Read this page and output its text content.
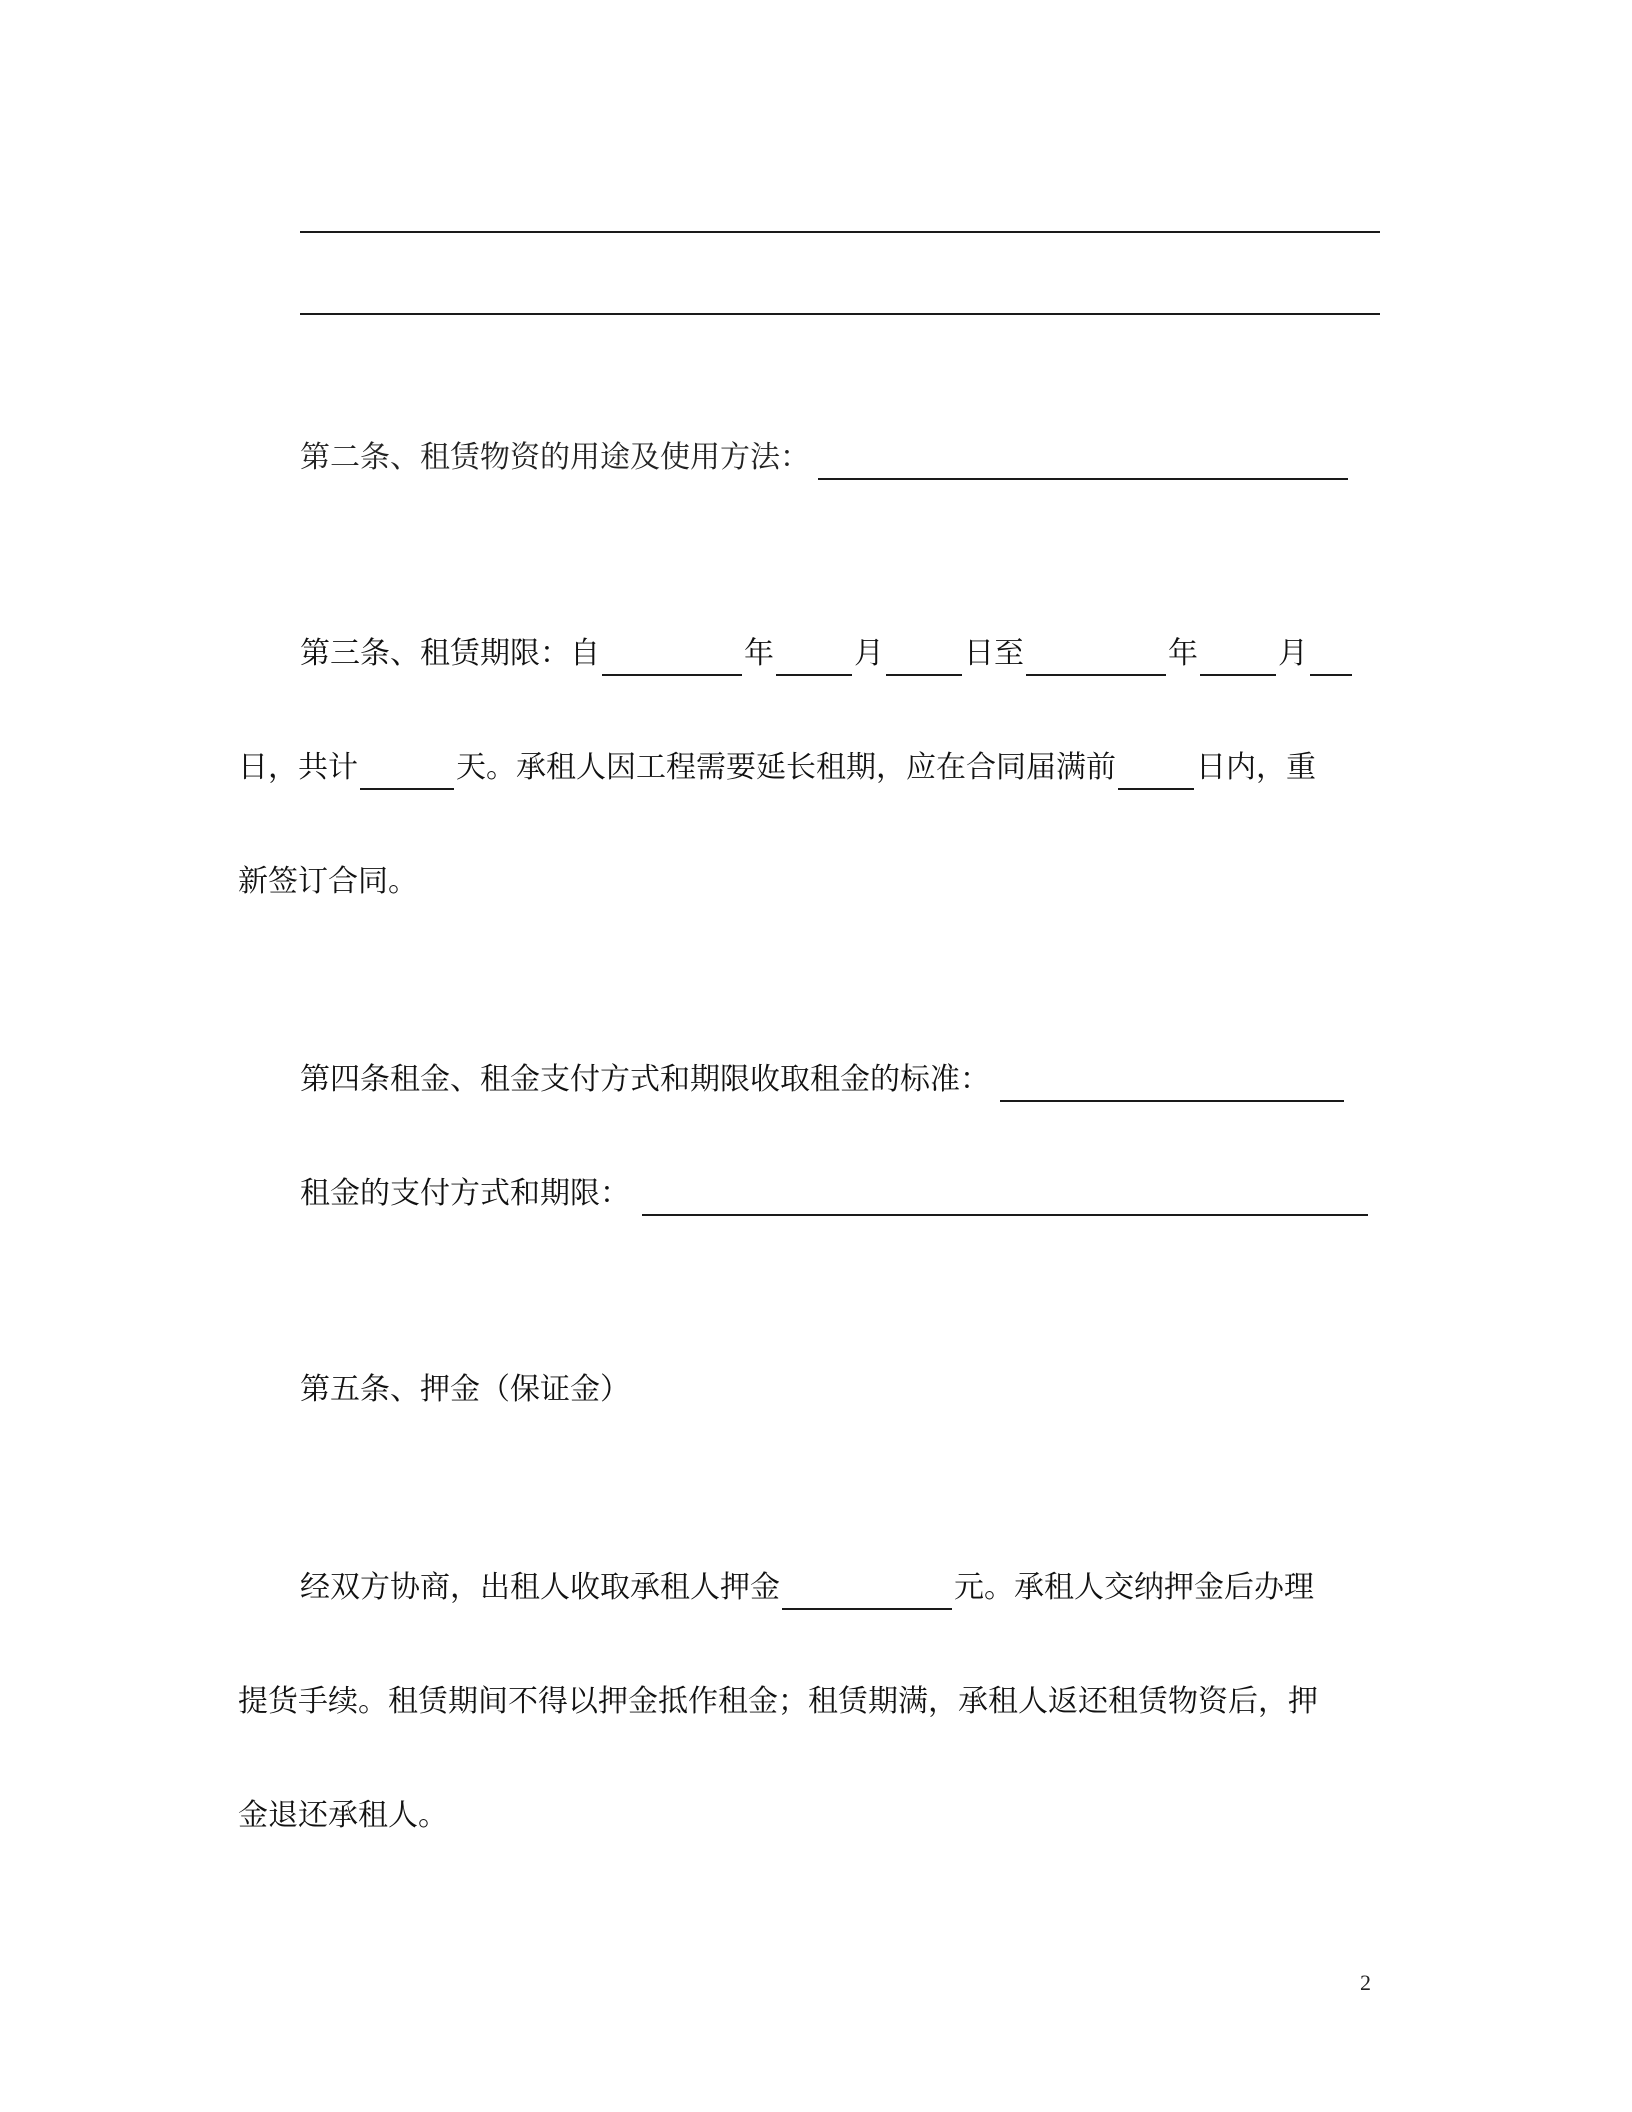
第二条、租赁物资的用途及使用方法：
第三条、租赁期限：自	年	月	日至	年	月
日，共计	天。承租人因工程需要延长租期，应在合同届满前	日内，重
新签订合同。
第四条租金、租金支付方式和期限收取租金的标准：
租金的支付方式和期限：
第五条、押金（保证金）
经双方协商，出租人收取承租人押金	元。承租人交纳押金后办理
提货手续。租赁期间不得以押金抵作租金；租赁期满，承租人返还租赁物资后，押
金退还承租人。
2
